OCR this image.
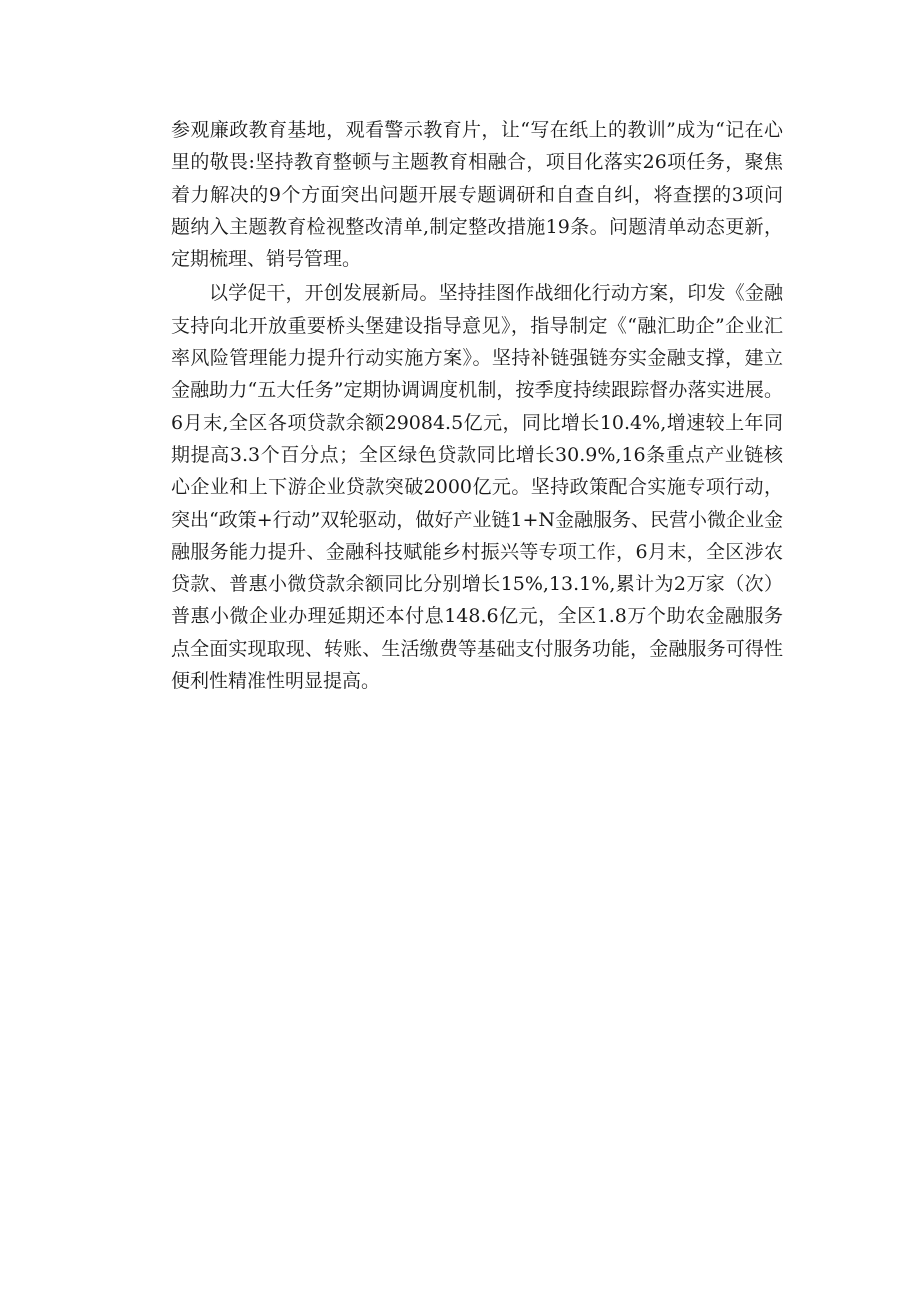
参观廉政教育基地，观看警示教育片，让“写在纸上的教训”成为“记在心里的敬畏:坚持教育整顿与主题教育相融合，项目化落实26项任务，聚焦着力解决的9个方面突出问题开展专题调研和自查自纠，将查摆的3项问题纳入主题教育检视整改清单,制定整改措施19条。问题清单动态更新，定期梳理、销号管理。

以学促干，开创发展新局。坚持挂图作战细化行动方案，印发《金融支持向北开放重要桥头堡建设指导意见》，指导制定《“融汇助企”企业汇率风险管理能力提升行动实施方案》。坚持补链强链夯实金融支撑，建立金融助力“五大任务”定期协调调度机制，按季度持续跟踪督办落实进展。6月末,全区各项贷款余额29084.5亿元，同比增长10.4%,增速较上年同期提高3.3个百分点；全区绿色贷款同比增长30.9%,16条重点产业链核心企业和上下游企业贷款突破2000亿元。坚持政策配合实施专项行动，突出“政策+行动”双轮驱动，做好产业链1+N金融服务、民营小微企业金融服务能力提升、金融科技赋能乡村振兴等专项工作，6月末，全区涉农贷款、普惠小微贷款余额同比分别增长15%,13.1%,累计为2万家（次）普惠小微企业办理延期还本付息148.6亿元，全区1.8万个助农金融服务点全面实现取现、转账、生活缴费等基础支付服务功能，金融服务可得性便利性精准性明显提高。
